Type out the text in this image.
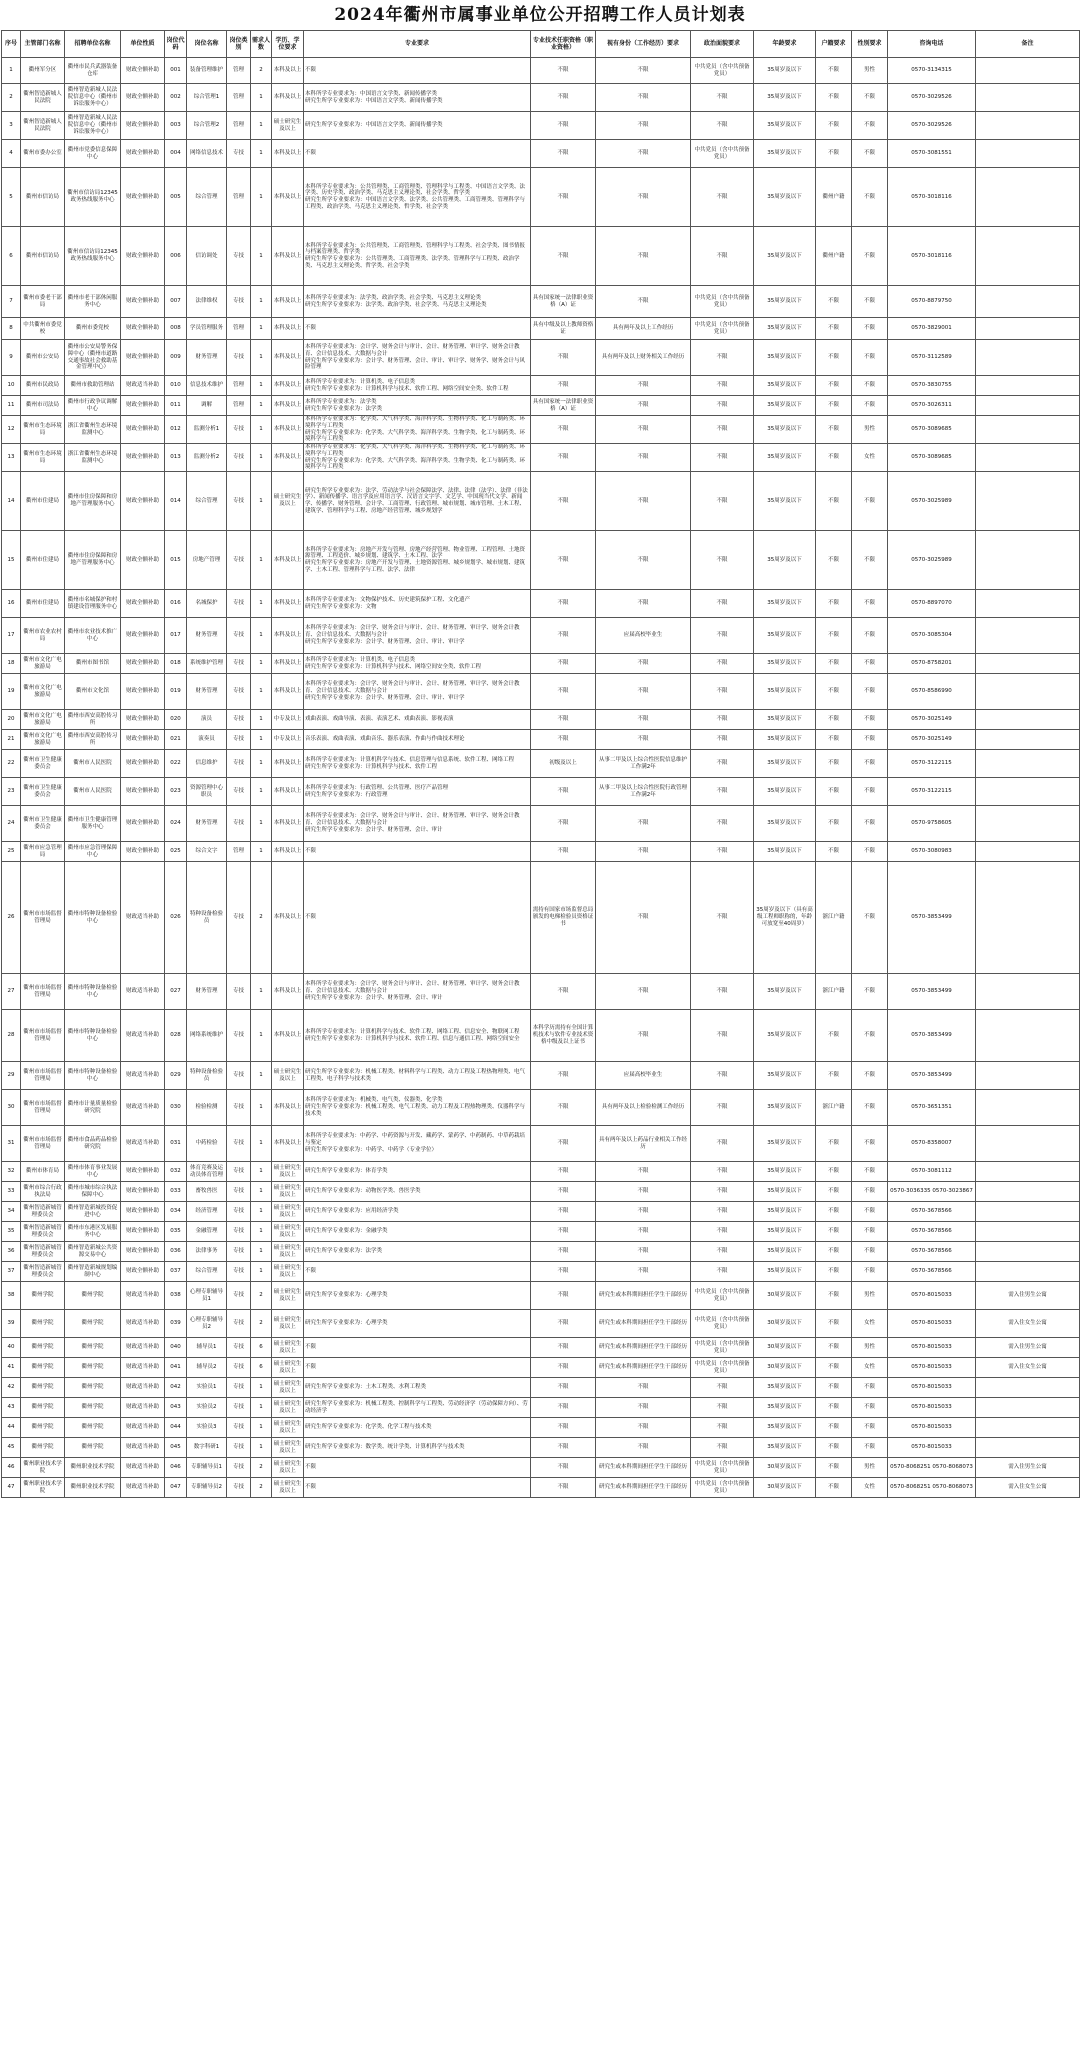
2024年衢州市属事业单位公开招聘工作人员计划表
序号	主管部门名称	招聘单位名称	单位性质	岗位代码	岗位名称	岗位类别	需求人数	学历、学位要求	专业要求	专业技术任职资格（职业资格）	视有身份（工作经历）要求	政治面貌要求	年龄要求	户籍要求	性别要求	咨询电话	备注
1	衢州军分区	衢州市民兵武器装备仓库	财政全额补助	001	装备管理维护	管理	2	本科及以上	不限	不限	不限	中共党员（含中共预备党员）	35周岁及以下	不限	男性	0570-3134315	
2	衢州智造新城人民法院	衢州智造新城人民法院信息中心（衢州市诉讼服务中心）	财政全额补助	002	综合管理1	管理	1	本科及以上	本科所学专业要求为：中国语言文学类、新闻传播学类
研究生所学专业要求为：中国语言文学类、新闻传播学类	不限	不限	不限	35周岁及以下	不限	不限	0570-3029526	
3	衢州智造新城人民法院	衢州智造新城人民法院信息中心（衢州市诉讼服务中心）	财政全额补助	003	综合管理2	管理	1	硕士研究生及以上	研究生所学专业要求为：中国语言文学类、新闻传播学类	不限	不限	不限	35周岁及以下	不限	不限	0570-3029526	
4	衢州市委办公室	衢州市党委信息保障中心	财政全额补助	004	网络信息技术	专技	1	本科及以上	不限	不限	不限	中共党员（含中共预备党员）	35周岁及以下	不限	不限	0570-3081551	
5	衢州市信访局	衢州市信访局12345政务热线服务中心	财政全额补助	005	综合管理	管理	1	本科及以上	本科所学专业要求为：公共管理类、工商管理类、管理科学与工程类、中国语言文学类、法学类、历史学类、政治学类、马克思主义理论类、社会学类、哲学类
研究生所学专业要求为：中国语言文学类、法学类、公共管理类、工商管理类、管理科学与工程类、政治学类、马克思主义理论类、哲学类、社会学类	不限	不限	不限	35周岁及以下	衢州户籍	不限	0570-3018116	
6	衢州市信访局	衢州市信访局12345政务热线服务中心	财政全额补助	006	信访调处	专技	1	本科及以上	本科所学专业要求为：公共管理类、工商管理类、管理科学与工程类、社会学类、图书情报与档案管理类、哲学类
研究生所学专业要求为：公共管理类、工商管理类、法学类、管理科学与工程类、政治学类、马克思主义理论类、哲学类、社会学类	不限	不限	不限	35周岁及以下	衢州户籍	不限	0570-3018116	
7	衢州市委老干部局	衢州市老干部休闲服务中心	财政全额补助	007	法律维权	专技	1	本科及以上	本科所学专业要求为：法学类、政治学类、社会学类、马克思主义理论类
研究生所学专业要求为：法学类、政治学类、社会学类、马克思主义理论类	具有国家统一法律职业资格（A）证	不限	中共党员（含中共预备党员）	35周岁及以下	不限	不限	0570-8879750	
8	中共衢州市委党校	衢州市委党校	财政全额补助	008	学员管理服务	管理	1	本科及以上	不限	具有中级及以上教师资格证	具有两年及以上工作经历	中共党员（含中共预备党员）	35周岁及以下	不限	不限	0570-3829001	
9	衢州市公安局	衢州市公安局警务保障中心（衢州市道路交通事故社会救助基金管理中心）	财政全额补助	009	财务管理	专技	1	本科及以上	本科所学专业要求为：会计学、财务会计与审计、会计、财务管理、审计学、财务会计教育、会计信息技术、大数据与会计
研究生所学专业要求为：会计学、财务管理、会计、审计、审计学、财务学、财务会计与风险管理	不限	具有两年及以上财务相关工作经历	不限	35周岁及以下	不限	不限	0570-3112589	
10	衢州市民政局	衢州市救助管理站	财政适当补助	010	信息技术维护	管理	1	本科及以上	本科所学专业要求为：计算机类、电子信息类
研究生所学专业要求为：计算机科学与技术、软件工程、网络空间安全类、软件工程	不限	不限	不限	35周岁及以下	不限	不限	0570-3830755	
11	衢州市司法局	衢州市行政争议调解中心	财政全额补助	011	调解	管理	1	本科及以上	本科所学专业要求为：法学类
研究生所学专业要求为：法学类	具有国家统一法律职业资格（A）证	不限	不限	35周岁及以下	不限	不限	0570-3026311	
12	衢州市生态环境局	浙江省衢州生态环境监测中心	财政全额补助	012	监测分析1	专技	1	本科及以上	本科所学专业要求为：化学类、大气科学类、海洋科学类、生物科学类、化工与制药类、环境科学与工程类
研究生所学专业要求为：化学类、大气科学类、海洋科学类、生物学类、化工与制药类、环境科学与工程类	不限	不限	不限	35周岁及以下	不限	男性	0570-3089685	
13	衢州市生态环境局	浙江省衢州生态环境监测中心	财政全额补助	013	监测分析2	专技	1	本科及以上	本科所学专业要求为：化学类、大气科学类、海洋科学类、生物科学类、化工与制药类、环境科学与工程类
研究生所学专业要求为：化学类、大气科学类、海洋科学类、生物学类、化工与制药类、环境科学与工程类	不限	不限	不限	35周岁及以下	不限	女性	0570-3089685	
14	衢州市住建局	衢州市住房保障和房地产管理服务中心	财政全额补助	014	综合管理	专技	1	硕士研究生及以上	研究生所学专业要求为：法学、劳动法学与社会保障法学、法律、法律（法学）、法律（非法学）、新闻传播学、语言学及应用语言学、汉语言文字学、文艺学、中国现当代文学、新闻学、传播学、财务管理、会计学、工商管理、行政管理、城市规划、城市管理、土木工程、建筑学、管理科学与工程、房地产经营管理、城乡规划学	不限	不限	不限	35周岁及以下	不限	不限	0570-3025989	
15	衢州市住建局	衢州市住房保障和房地产管理服务中心	财政全额补助	015	房地产管理	专技	1	本科及以上	本科所学专业要求为：房地产开发与管理、房地产经营管理、物业管理、工程管理、土地资源管理、工程造价、城乡规划、建筑学、土木工程、法学
研究生所学专业要求为：房地产开发与管理、土地资源管理、城乡规划学、城市规划、建筑学、土木工程、管理科学与工程、法学、法律	不限	不限	不限	35周岁及以下	不限	不限	0570-3025989	
16	衢州市住建局	衢州市名城保护和村镇建设管理服务中心	财政全额补助	016	名城保护	专技	1	本科及以上	本科所学专业要求为：文物保护技术、历史建筑保护工程、文化遗产
研究生所学专业要求为：文物	不限	不限	不限	35周岁及以下	不限	不限	0570-8897070	
17	衢州市农业农村局	衢州市农业技术推广中心	财政全额补助	017	财务管理	专技	1	本科及以上	本科所学专业要求为：会计学、财务会计与审计、会计、财务管理、审计学、财务会计教育、会计信息技术、大数据与会计
研究生所学专业要求为：会计学、财务管理、会计、审计、审计学	不限	应届高校毕业生	不限	35周岁及以下	不限	不限	0570-3085304	
18	衢州市文化广电旅游局	衢州市图书馆	财政全额补助	018	系统维护管理	专技	1	本科及以上	本科所学专业要求为：计算机类、电子信息类
研究生所学专业要求为：计算机科学与技术、网络空间安全类、软件工程	不限	不限	不限	35周岁及以下	不限	不限	0570-8758201	
19	衢州市文化广电旅游局	衢州市文化馆	财政全额补助	019	财务管理	专技	1	本科及以上	本科所学专业要求为：会计学、财务会计与审计、会计、财务管理、审计学、财务会计教育、会计信息技术、大数据与会计
研究生所学专业要求为：会计学、财务管理、会计、审计、审计学	不限	不限	不限	35周岁及以下	不限	不限	0570-8586990	
20	衢州市文化广电旅游局	衢州市西安高腔传习所	财政全额补助	020	演员	专技	1	中专及以上	戏曲表演、戏曲导演、表演、表演艺术、戏曲表演、影视表演	不限	不限	不限	35周岁及以下	不限	不限	0570-3025149	
21	衢州市文化广电旅游局	衢州市西安高腔传习所	财政全额补助	021	演奏员	专技	1	中专及以上	音乐表演、戏曲表演、戏曲音乐、器乐表演、作曲与作曲技术理论	不限	不限	不限	35周岁及以下	不限	不限	0570-3025149	
22	衢州市卫生健康委员会	衢州市人民医院	财政全额补助	022	信息维护	专技	1	本科及以上	本科所学专业要求为：计算机科学与技术、信息管理与信息系统、软件工程、网络工程
研究生所学专业要求为：计算机科学与技术、软件工程	初级及以上	从事二甲及以上综合性医院信息维护工作满2年	不限	35周岁及以下	不限	不限	0570-3122115	
23	衢州市卫生健康委员会	衢州市人民医院	财政全额补助	023	资源管理中心职员	专技	1	本科及以上	本科所学专业要求为：行政管理、公共管理、医疗产品管理
研究生所学专业要求为：行政管理	不限	从事二甲及以上综合性医院行政管理工作满2年	不限	35周岁及以下	不限	不限	0570-3122115	
24	衢州市卫生健康委员会	衢州市卫生健康管理服务中心	财政全额补助	024	财务管理	专技	1	本科及以上	本科所学专业要求为：会计学、财务会计与审计、会计、财务管理、审计学、财务会计教育、会计信息技术、大数据与会计
研究生所学专业要求为：会计学、财务管理、会计、审计	不限	不限	不限	35周岁及以下	不限	不限	0570-9758605	
25	衢州市应急管理局	衢州市应急管理保障中心	财政全额补助	025	综合文字	管理	1	本科及以上	不限	不限	不限	不限	35周岁及以下	不限	不限	0570-3080983	
26	衢州市市场监督管理局	衢州市特种设备检验中心	财政适当补助	026	特种设备检验员	专技	2	本科及以上	不限	需持有国家市场监督总局颁发的电梯检验员资格证书	不限	不限	35周岁及以下（具有高级工程师职称的，年龄可放宽至40周岁）	浙江户籍	不限	0570-3853499	
27	衢州市市场监督管理局	衢州市特种设备检验中心	财政适当补助	027	财务管理	专技	1	本科及以上	本科所学专业要求为：会计学、财务会计与审计、会计、财务管理、审计学、财务会计教育、会计信息技术、大数据与会计
研究生所学专业要求为：会计学、财务管理、会计、审计	不限	不限	不限	35周岁及以下	浙江户籍	不限	0570-3853499	
28	衢州市市场监督管理局	衢州市特种设备检验中心	财政适当补助	028	网络系统维护	专技	1	本科及以上	本科所学专业要求为：计算机科学与技术、软件工程、网络工程、信息安全、物联网工程
研究生所学专业要求为：计算机科学与技术、软件工程、信息与通信工程、网络空间安全	本科学历需持有全国计算机技术与软件专业技术资格中级及以上证书	不限	不限	35周岁及以下	不限	不限	0570-3853499	
29	衢州市市场监督管理局	衢州市特种设备检验中心	财政适当补助	029	特种设备检验员	专技	1	硕士研究生及以上	研究生所学专业要求为：机械工程类、材料科学与工程类、动力工程及工程热物理类、电气工程类、电子科学与技术类	不限	应届高校毕业生	不限	35周岁及以下	不限	不限	0570-3853499	
30	衢州市市场监督管理局	衢州市计量质量检验研究院	财政适当补助	030	检验检测	专技	1	本科及以上	本科所学专业要求为：机械类、电气类、仪器类、化学类
研究生所学专业要求为：机械工程类、电气工程类、动力工程及工程热物理类、仪器科学与技术类	不限	具有两年及以上检验检测工作经历	不限	35周岁及以下	浙江户籍	不限	0570-3651351	
31	衢州市市场监督管理局	衢州市食品药品检验研究院	财政适当补助	031	中药检验	专技	1	本科及以上	本科所学专业要求为：中药学、中药资源与开发、藏药学、蒙药学、中药制药、中草药栽培与鉴定
研究生所学专业要求为：中药学、中药学（专业学位）	不限	具有两年及以上药品行业相关工作经历	不限	35周岁及以下	不限	不限	0570-8358007	
32	衢州市体育局	衢州市体育事业发展中心	财政全额补助	032	体育竞赛及运动员体育管理	专技	1	硕士研究生及以上	研究生所学专业要求为：体育学类	不限	不限	不限	35周岁及以下	不限	不限	0570-3081112	
33	衢州市综合行政执法局	衢州市城市综合执法保障中心	财政全额补助	033	畜牧兽医	专技	1	硕士研究生及以上	研究生所学专业要求为：动物医学类、兽医学类	不限	不限	不限	35周岁及以下	不限	不限	0570-3036335 0570-3023867	
34	衢州智造新城管理委员会	衢州智造新城投资促进中心	财政全额补助	034	经济管理	专技	1	硕士研究生及以上	研究生所学专业要求为：应用经济学类	不限	不限	不限	35周岁及以下	不限	不限	0570-3678566	
35	衢州智造新城管理委员会	衢州市东港区发展服务中心	财政全额补助	035	金融管理	专技	1	硕士研究生及以上	研究生所学专业要求为：金融学类	不限	不限	不限	35周岁及以下	不限	不限	0570-3678566	
36	衢州智造新城管理委员会	衢州智造新城公共资源交易中心	财政全额补助	036	法律事务	专技	1	硕士研究生及以上	研究生所学专业要求为：法学类	不限	不限	不限	35周岁及以下	不限	不限	0570-3678566	
37	衢州智造新城管理委员会	衢州智造新城规划编制中心	财政全额补助	037	综合管理	专技	1	硕士研究生及以上	不限	不限	不限	不限	35周岁及以下	不限	不限	0570-3678566	
38	衢州学院	衢州学院	财政适当补助	038	心理专职辅导员1	专技	2	硕士研究生及以上	研究生所学专业要求为：心理学类	不限	研究生或本科期间担任学生干部经历	中共党员（含中共预备党员）	30周岁及以下	不限	男性	0570-8015033	需入住男生公寓
39	衢州学院	衢州学院	财政适当补助	039	心理专职辅导员2	专技	2	硕士研究生及以上	研究生所学专业要求为：心理学类	不限	研究生或本科期间担任学生干部经历	中共党员（含中共预备党员）	30周岁及以下	不限	女性	0570-8015033	需入住女生公寓
40	衢州学院	衢州学院	财政适当补助	040	辅导员1	专技	6	硕士研究生及以上	不限	不限	研究生或本科期间担任学生干部经历	中共党员（含中共预备党员）	30周岁及以下	不限	男性	0570-8015033	需入住男生公寓
41	衢州学院	衢州学院	财政适当补助	041	辅导员2	专技	6	硕士研究生及以上	不限	不限	研究生或本科期间担任学生干部经历	中共党员（含中共预备党员）	30周岁及以下	不限	女性	0570-8015033	需入住女生公寓
42	衢州学院	衢州学院	财政适当补助	042	实验员1	专技	1	硕士研究生及以上	研究生所学专业要求为：土木工程类、水利工程类	不限	不限	不限	35周岁及以下	不限	不限	0570-8015033	
43	衢州学院	衢州学院	财政适当补助	043	实验员2	专技	1	硕士研究生及以上	研究生所学专业要求为：机械工程类、控制科学与工程类、劳动经济学（劳动保障方向）、劳动经济学	不限	不限	不限	35周岁及以下	不限	不限	0570-8015033	
44	衢州学院	衢州学院	财政适当补助	044	实验员3	专技	1	硕士研究生及以上	研究生所学专业要求为：化学类、化学工程与技术类	不限	不限	不限	35周岁及以下	不限	不限	0570-8015033	
45	衢州学院	衢州学院	财政适当补助	045	数字科研1	专技	1	硕士研究生及以上	研究生所学专业要求为：数学类、统计学类、计算机科学与技术类	不限	不限	不限	35周岁及以下	不限	不限	0570-8015033	
46	衢州职业技术学院	衢州职业技术学院	财政适当补助	046	专职辅导员1	专技	2	硕士研究生及以上	不限	不限	研究生或本科期间担任学生干部经历	中共党员（含中共预备党员）	30周岁及以下	不限	男性	0570-8068251 0570-8068073	需入住男生公寓
47	衢州职业技术学院	衢州职业技术学院	财政适当补助	047	专职辅导员2	专技	2	硕士研究生及以上	不限	不限	研究生或本科期间担任学生干部经历	中共党员（含中共预备党员）	30周岁及以下	不限	女性	0570-8068251 0570-8068073	需入住女生公寓
